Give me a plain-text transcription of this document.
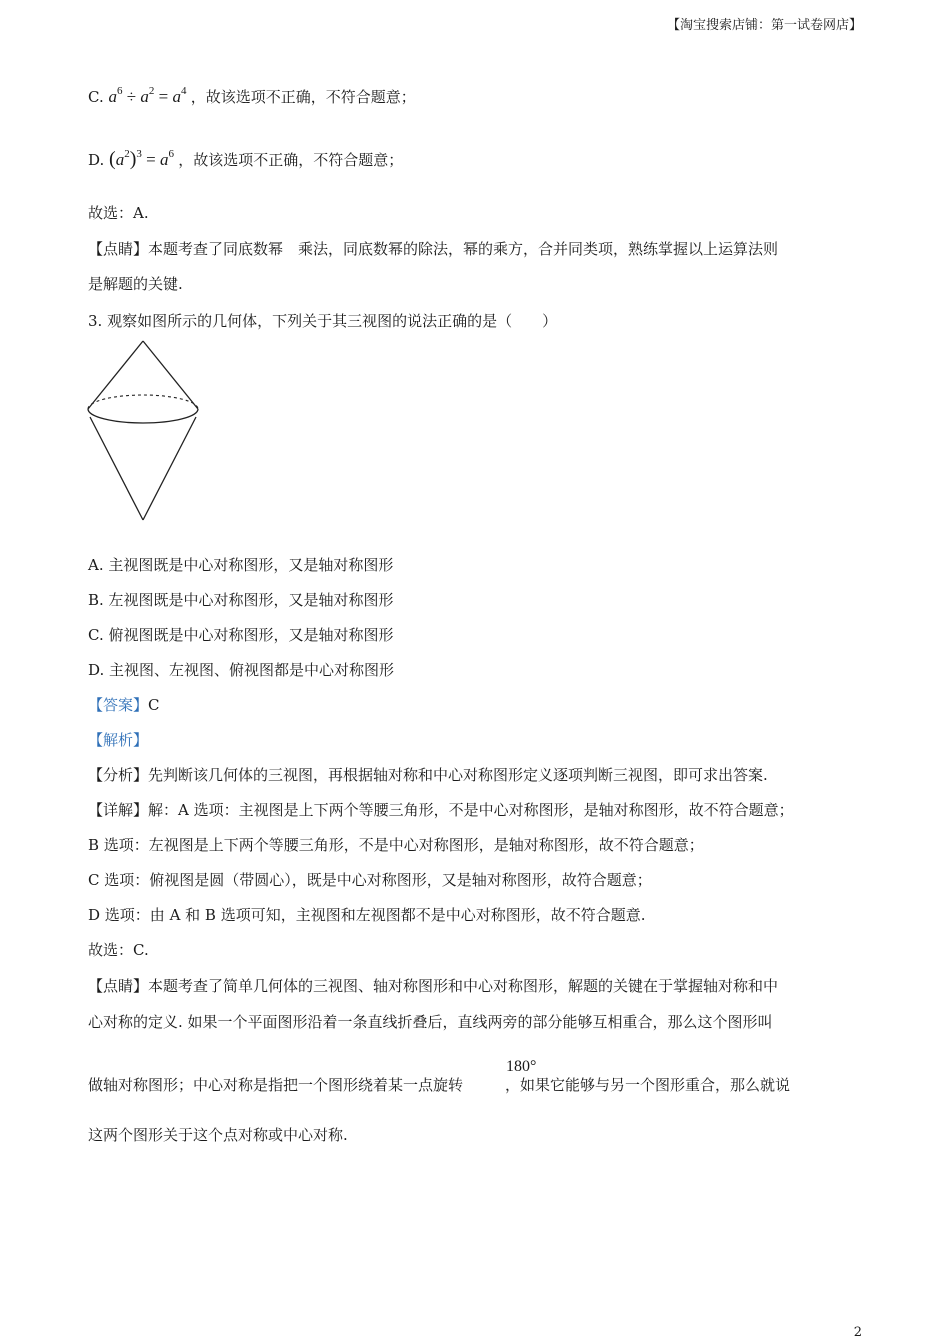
【淘宝搜索店铺：第一试卷网店】
C. $a^6 \div a^2 = a^4$ ，故该选项不正确，不符合题意；
D. $(a^2)^3 = a^6$ ，故该选项不正确，不符合题意；
故选：A.
【点睛】本题考查了同底数幂　乘法，同底数幂的除法，幂的乘方，合并同类项，熟练掌握以上运算法则
是解题的关键.
3. 观察如图所示的几何体，下列关于其三视图的说法正确的是（　　）
A. 主视图既是中心对称图形，又是轴对称图形
B. 左视图既是中心对称图形，又是轴对称图形
C. 俯视图既是中心对称图形，又是轴对称图形
D. 主视图、左视图、俯视图都是中心对称图形
【答案】C
【解析】
【分析】先判断该几何体的三视图，再根据轴对称和中心对称图形定义逐项判断三视图，即可求出答案.
【详解】解：A 选项：主视图是上下两个等腰三角形，不是中心对称图形，是轴对称图形，故不符合题意；
B 选项：左视图是上下两个等腰三角形，不是中心对称图形，是轴对称图形，故不符合题意；
C 选项：俯视图是圆（带圆心），既是中心对称图形，又是轴对称图形，故符合题意；
D 选项：由 A 和 B 选项可知，主视图和左视图都不是中心对称图形，故不符合题意.
故选：C.
【点睛】本题考查了简单几何体的三视图、轴对称图形和中心对称图形，解题的关键在于掌握轴对称和中
心对称的定义. 如果一个平面图形沿着一条直线折叠后，直线两旁的部分能够互相重合，那么这个图形叫
做轴对称图形；中心对称是指把一个图形绕着某一点旋转	，如果它能够与另一个图形重合，那么就说
180°
这两个图形关于这个点对称或中心对称.
2
